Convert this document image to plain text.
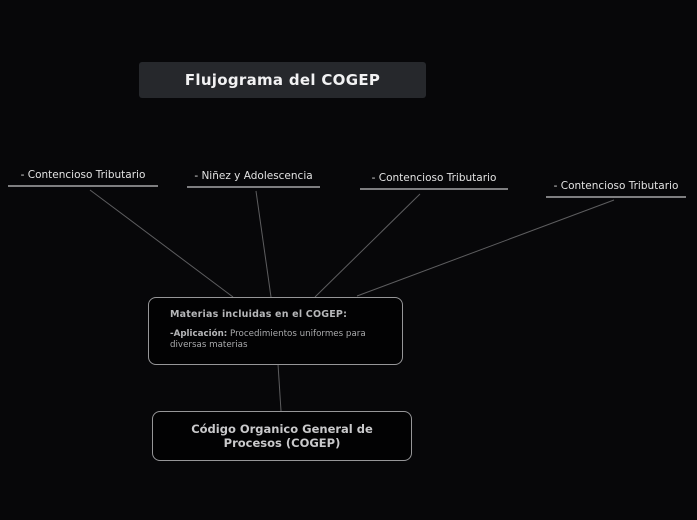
Flujograma del COGEP
- Contencioso Tributario	- Niñez y Adolescencia	- Contencioso Tributario
- Contencioso Tributario
Materias incluidas en el COGEP:
-Aplicación: Procedimientos uniformes para diversas materias
Código Organico General de Procesos (COGEP)
